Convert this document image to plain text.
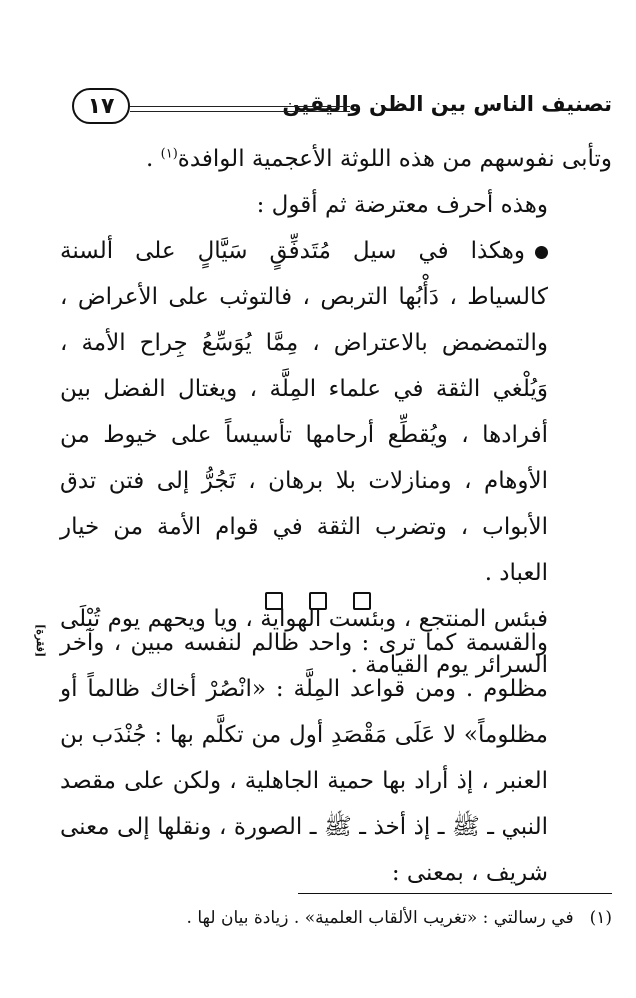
تصنيف الناس بين الظن واليقين
١٧

وتأبى نفوسهم من هذه اللوثة الأعجمية الوافدة$^{(١)}$ .

وهذه أحرف معترضة ثم أقول :

وهكذا في سيل مُتَدفِّقٍ سَيَّالٍ على ألسنة كالسياط ، دَأْبُها التربص ، فالتوثب على الأعراض ، والتمضمض بالاعتراض ، مِمَّا يُوَسِّعُ جِراح الأمة ، وَيُلْغي الثقة في علماء المِلَّة ، ويغتال الفضل بين أفرادها ، ويُقطِّع أرحامها تأسيساً على خيوط من الأوهام ، ومنازلات بلا برهان ، تَجُرُّ إلى فتن تدق الأبواب ، وتضرب الثقة في قوام الأمة من خيار العباد .

فبئس المنتجع ، وبئست الهواية ، ويا ويحهم يوم تُبْلَى السرائر يوم القيامة .

والقسمة كما ترى : واحد ظالم لنفسه مبين ، وآخر مظلوم . ومن قواعد المِلَّة : «انْصُرْ أخاك ظالماً أو مظلوماً» لا عَلَى مَقْصَدِ أول من تكلَّم بها : جُنْدَب بن العنبر ، إذ أراد بها حمية الجاهلية ، ولكن على مقصد النبي ـ ﷺ ـ إذ أخذ ـ ﷺ ـ الصورة ، ونقلها إلى معنى شريف ، بمعنى :

[فقرة]
(١)في رسالتي : «تغريب الألقاب العلمية» . زيادة بيان لها .
